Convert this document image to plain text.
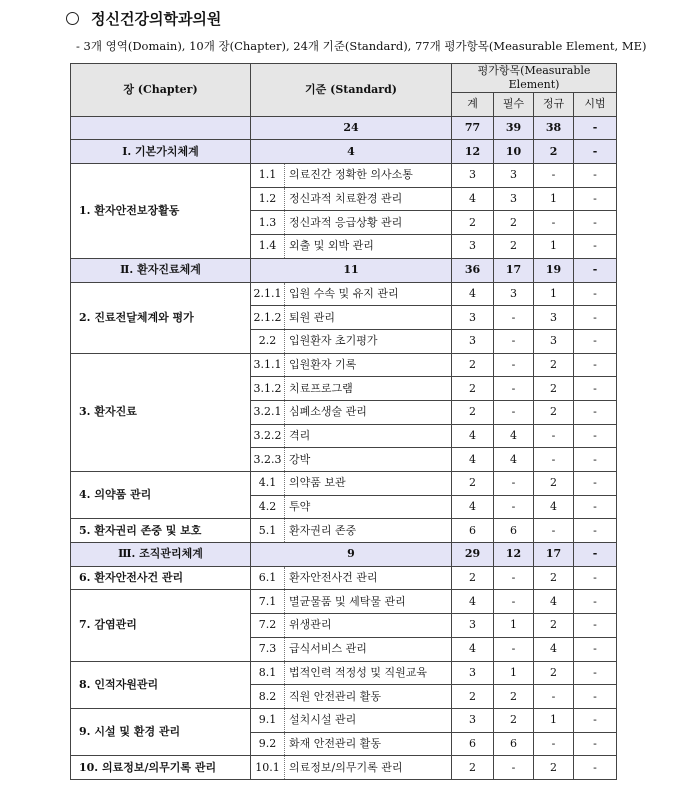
정신건강의학과의원
- 3개 영역(Domain), 10개 장(Chapter), 24개 기준(Standard), 77개 평가항목(Measurable Element, ME)
장 (Chapter)	기준 (Standard)		평가항목(Measurable Element)			
			계	필수	정규	시범
	24		77	39	38	-
Ⅰ. 기본가치체계	4		12	10	2	-
1. 환자안전보장활동	1.1	의료진간 정확한 의사소통	3	3	-	-
	1.2	정신과적 치료환경 관리	4	3	1	-
	1.3	정신과적 응급상황 관리	2	2	-	-
	1.4	외출 및 외박 관리	3	2	1	-
Ⅱ. 환자진료체계	11		36	17	19	-
2. 진료전달체계와 평가	2.1.1	입원 수속 및 유지 관리	4	3	1	-
	2.1.2	퇴원 관리	3	-	3	-
	2.2	입원환자 초기평가	3	-	3	-
3. 환자진료	3.1.1	입원환자 기록	2	-	2	-
	3.1.2	치료프로그램	2	-	2	-
	3.2.1	심폐소생술 관리	2	-	2	-
	3.2.2	격리	4	4	-	-
	3.2.3	강박	4	4	-	-
4. 의약품 관리	4.1	의약품 보관	2	-	2	-
	4.2	투약	4	-	4	-
5. 환자권리 존중 및 보호	5.1	환자권리 존중	6	6	-	-
Ⅲ. 조직관리체계	9		29	12	17	-
6. 환자안전사건 관리	6.1	환자안전사건 관리	2	-	2	-
7. 감염관리	7.1	멸균물품 및 세탁물 관리	4	-	4	-
	7.2	위생관리	3	1	2	-
	7.3	급식서비스 관리	4	-	4	-
8. 인적자원관리	8.1	법적인력 적정성 및 직원교육	3	1	2	-
	8.2	직원 안전관리 활동	2	2	-	-
9. 시설 및 환경 관리	9.1	설치시설 관리	3	2	1	-
	9.2	화재 안전관리 활동	6	6	-	-
10. 의료정보/의무기록 관리	10.1	의료정보/의무기록 관리	2	-	2	-
